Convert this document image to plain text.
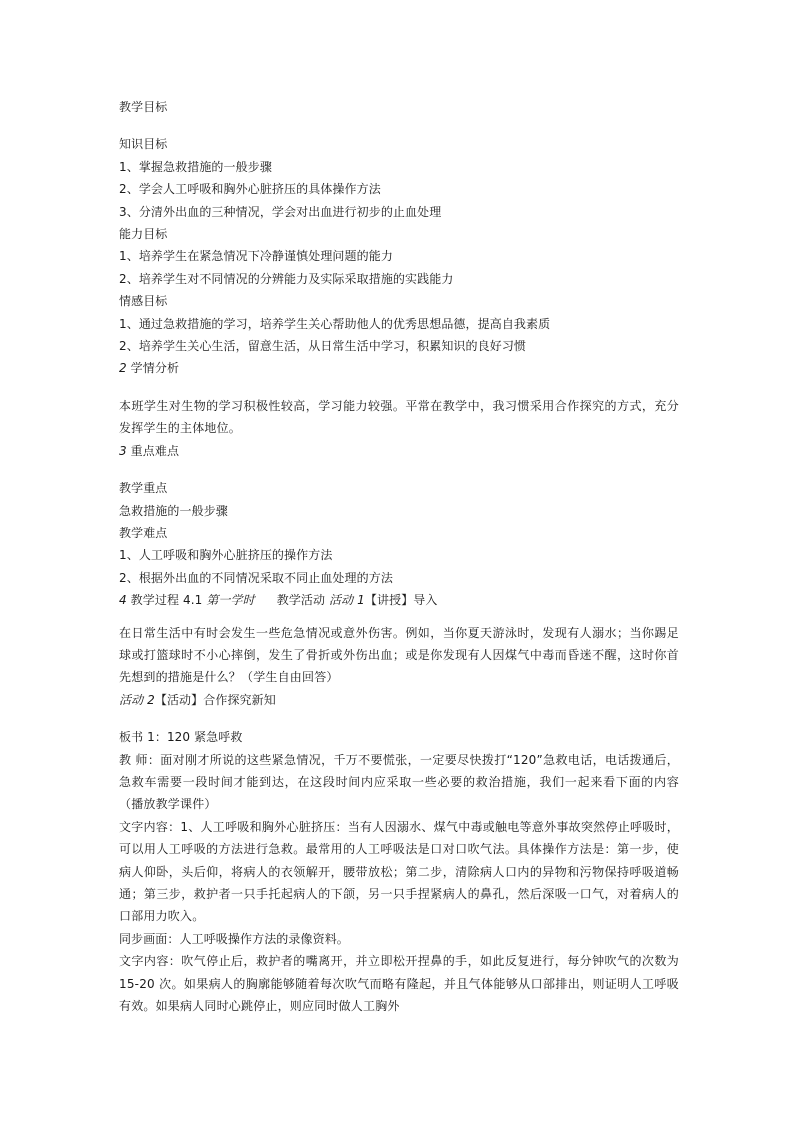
教学目标
知识目标
1、掌握急救措施的一般步骤
2、学会人工呼吸和胸外心脏挤压的具体操作方法
3、分清外出血的三种情况，学会对出血进行初步的止血处理
能力目标
1、培养学生在紧急情况下冷静谨慎处理问题的能力
2、培养学生对不同情况的分辨能力及实际采取措施的实践能力
情感目标
1、通过急救措施的学习，培养学生关心帮助他人的优秀思想品德，提高自我素质
2、培养学生关心生活，留意生活，从日常生活中学习，积累知识的良好习惯
2 学情分析
本班学生对生物的学习积极性较高，学习能力较强。平常在教学中，我习惯采用合作探究的方式，充分发挥学生的主体地位。
3 重点难点
教学重点
急救措施的一般步骤
教学难点
1、人工呼吸和胸外心脏挤压的操作方法
2、根据外出血的不同情况采取不同止血处理的方法
4 教学过程 4.1 第一学时 教学活动 活动 1【讲授】导入
在日常生活中有时会发生一些危急情况或意外伤害。例如，当你夏天游泳时，发现有人溺水；当你踢足球或打篮球时不小心摔倒，发生了骨折或外伤出血；或是你发现有人因煤气中毒而昏迷不醒，这时你首先想到的措施是什么？（学生自由回答）
活动 2【活动】合作探究新知
板书 1：120 紧急呼救
教 师：面对刚才所说的这些紧急情况，千万不要慌张，一定要尽快拨打“120”急救电话，电话拨通后，急救车需要一段时间才能到达，在这段时间内应采取一些必要的救治措施，我们一起来看下面的内容（播放教学课件）
文字内容：1、人工呼吸和胸外心脏挤压：当有人因溺水、煤气中毒或触电等意外事故突然停止呼吸时，可以用人工呼吸的方法进行急救。最常用的人工呼吸法是口对口吹气法。具体操作方法是：第一步，使病人仰卧，头后仰，将病人的衣领解开，腰带放松；第二步，清除病人口内的异物和污物保持呼吸道畅通；第三步，救护者一只手托起病人的下颌，另一只手捏紧病人的鼻孔，然后深吸一口气，对着病人的口部用力吹入。
同步画面：人工呼吸操作方法的录像资料。
文字内容：吹气停止后，救护者的嘴离开，并立即松开捏鼻的手，如此反复进行，每分钟吹气的次数为 15-20 次。如果病人的胸廓能够随着每次吹气而略有隆起，并且气体能够从口部排出，则证明人工呼吸有效。如果病人同时心跳停止，则应同时做人工胸外
